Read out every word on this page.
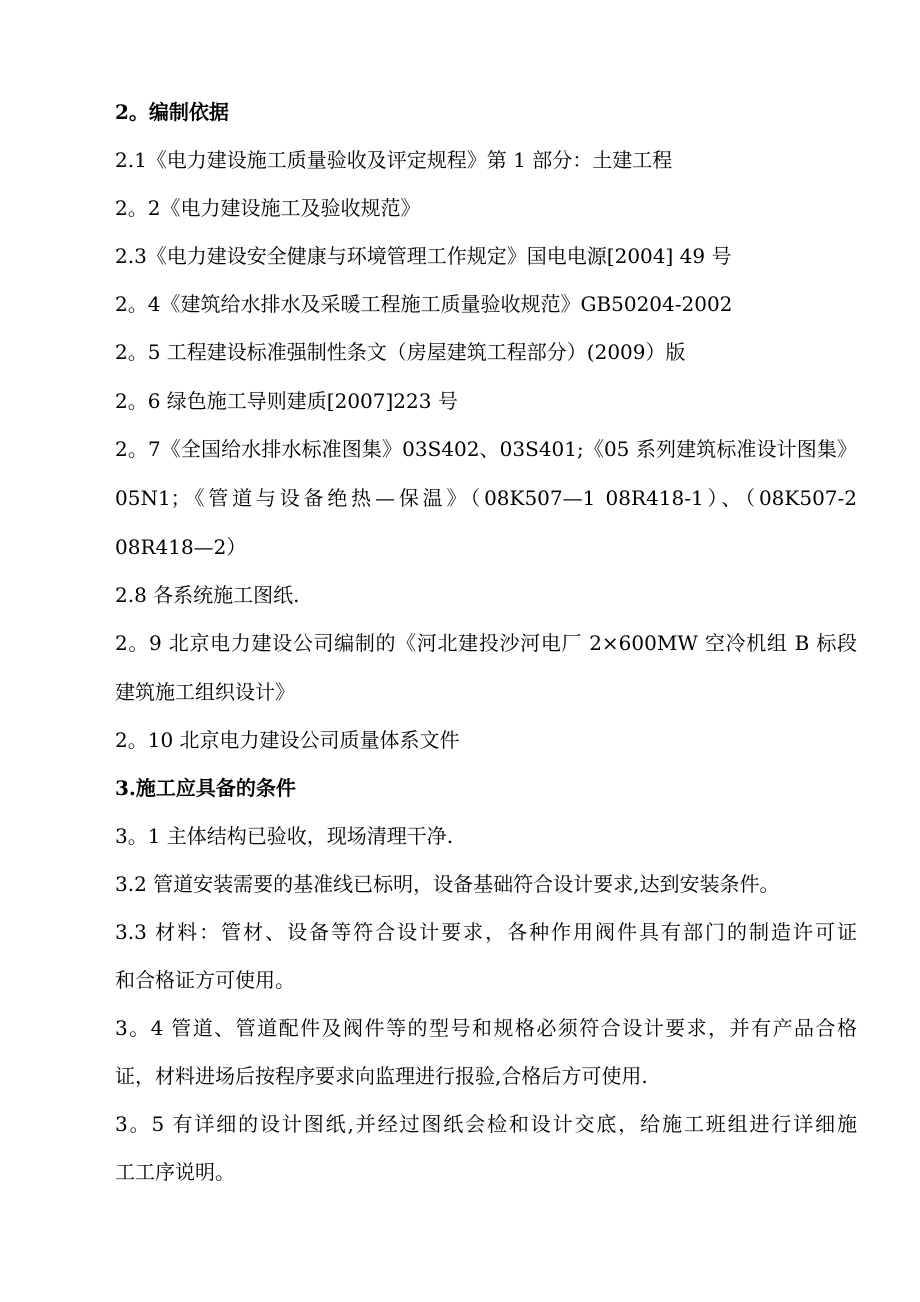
2。编制依据
2.1《电力建设施工质量验收及评定规程》第 1 部分：土建工程
2。2《电力建设施工及验收规范》
2.3《电力建设安全健康与环境管理工作规定》国电电源[2004] 49 号
2。4《建筑给水排水及采暖工程施工质量验收规范》GB50204-2002
2。5 工程建设标准强制性条文（房屋建筑工程部分）(2009）版
2。6 绿色施工导则建质[2007]223 号
2。7《全国给水排水标准图集》03S402、03S401;《05 系列建筑标准设计图集》
05N1；《管道与设备绝热—保温》（08K507—1 08R418-1）、（08K507-2
08R418—2）
2.8 各系统施工图纸.
2。9 北京电力建设公司编制的《河北建投沙河电厂 2×600MW 空冷机组 B 标段
建筑施工组织设计》
2。10 北京电力建设公司质量体系文件
3.施工应具备的条件
3。1 主体结构已验收，现场清理干净.
3.2 管道安装需要的基准线已标明，设备基础符合设计要求,达到安装条件。
3.3 材料：管材、设备等符合设计要求，各种作用阀件具有部门的制造许可证
和合格证方可使用。
3。4 管道、管道配件及阀件等的型号和规格必须符合设计要求，并有产品合格
证，材料进场后按程序要求向监理进行报验,合格后方可使用.
3。5 有详细的设计图纸,并经过图纸会检和设计交底，给施工班组进行详细施
工工序说明。
